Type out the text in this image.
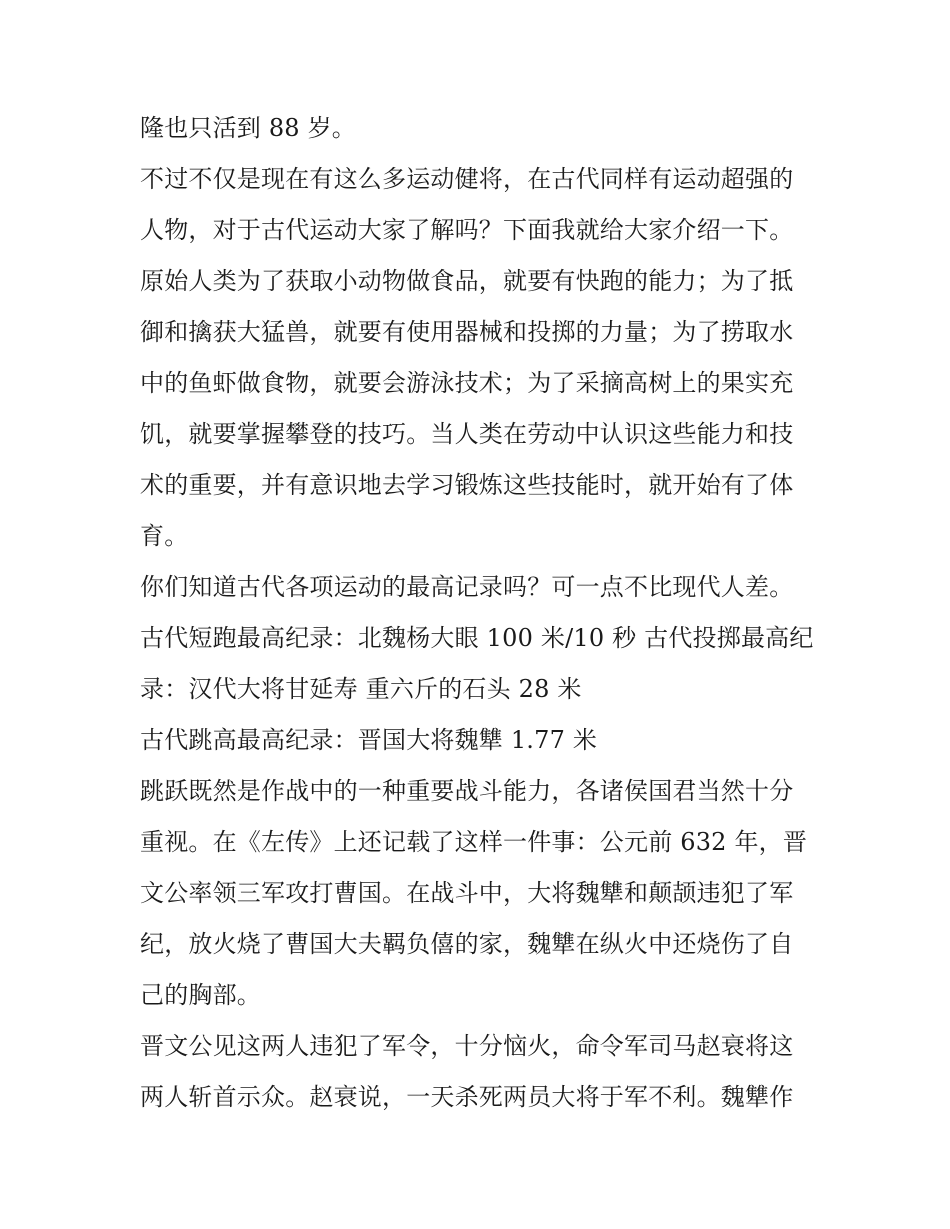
隆也只活到 88 岁。
不过不仅是现在有这么多运动健将，在古代同样有运动超强的
人物，对于古代运动大家了解吗？下面我就给大家介绍一下。
原始人类为了获取小动物做食品，就要有快跑的能力；为了抵
御和擒获大猛兽，就要有使用器械和投掷的力量；为了捞取水
中的鱼虾做食物，就要会游泳技术；为了采摘高树上的果实充
饥，就要掌握攀登的技巧。当人类在劳动中认识这些能力和技
术的重要，并有意识地去学习锻炼这些技能时，就开始有了体
育。
你们知道古代各项运动的最高记录吗？可一点不比现代人差。
古代短跑最高纪录：北魏杨大眼 100 米/10 秒 古代投掷最高纪
录：汉代大将甘延寿 重六斤的石头 28 米
古代跳高最高纪录：晋国大将魏犨 1.77 米
跳跃既然是作战中的一种重要战斗能力，各诸侯国君当然十分
重视。在《左传》上还记载了这样一件事：公元前 632 年，晋
文公率领三军攻打曹国。在战斗中，大将魏犨和颠颉违犯了军
纪，放火烧了曹国大夫羁负僖的家，魏犨在纵火中还烧伤了自
己的胸部。
晋文公见这两人违犯了军令，十分恼火，命令军司马赵衰将这
两人斩首示众。赵衰说，一天杀死两员大将于军不利。魏犨作
